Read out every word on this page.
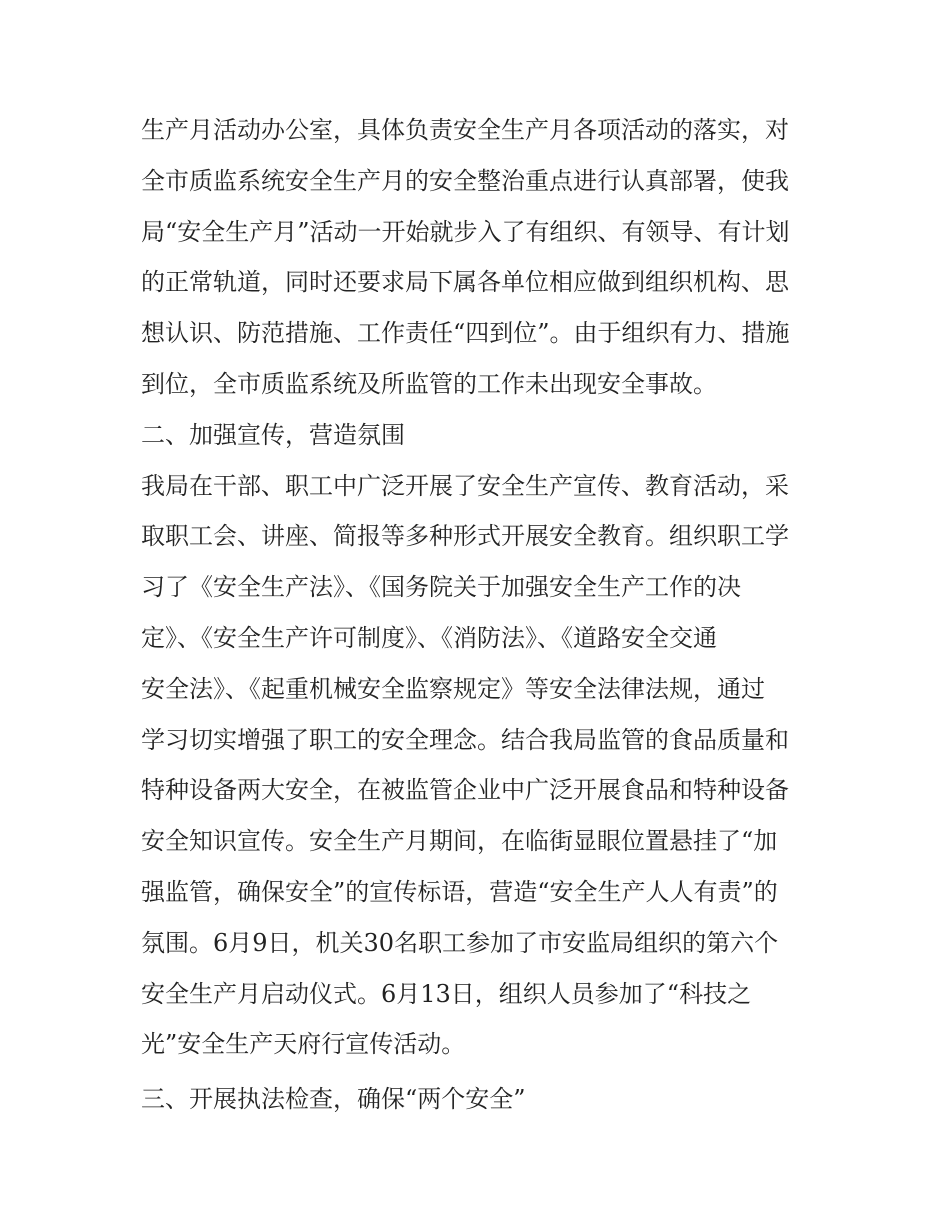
生产月活动办公室，具体负责安全生产月各项活动的落实，对
全市质监系统安全生产月的安全整治重点进行认真部署，使我
局“安全生产月”活动一开始就步入了有组织、有领导、有计划
的正常轨道，同时还要求局下属各单位相应做到组织机构、思
想认识、防范措施、工作责任“四到位”。由于组织有力、措施
到位，全市质监系统及所监管的工作未出现安全事故。
二、加强宣传，营造氛围
我局在干部、职工中广泛开展了安全生产宣传、教育活动，采
取职工会、讲座、简报等多种形式开展安全教育。组织职工学
习了《安全生产法》、《国务院关于加强安全生产工作的决
定》、《安全生产许可制度》、《消防法》、《道路安全交通
安全法》、《起重机械安全监察规定》等安全法律法规，通过
学习切实增强了职工的安全理念。结合我局监管的食品质量和
特种设备两大安全，在被监管企业中广泛开展食品和特种设备
安全知识宣传。安全生产月期间，在临街显眼位置悬挂了“加
强监管，确保安全”的宣传标语，营造“安全生产人人有责”的
氛围。6月9日，机关30名职工参加了市安监局组织的第六个
安全生产月启动仪式。6月13日，组织人员参加了“科技之
光”安全生产天府行宣传活动。
三、开展执法检查，确保“两个安全”
